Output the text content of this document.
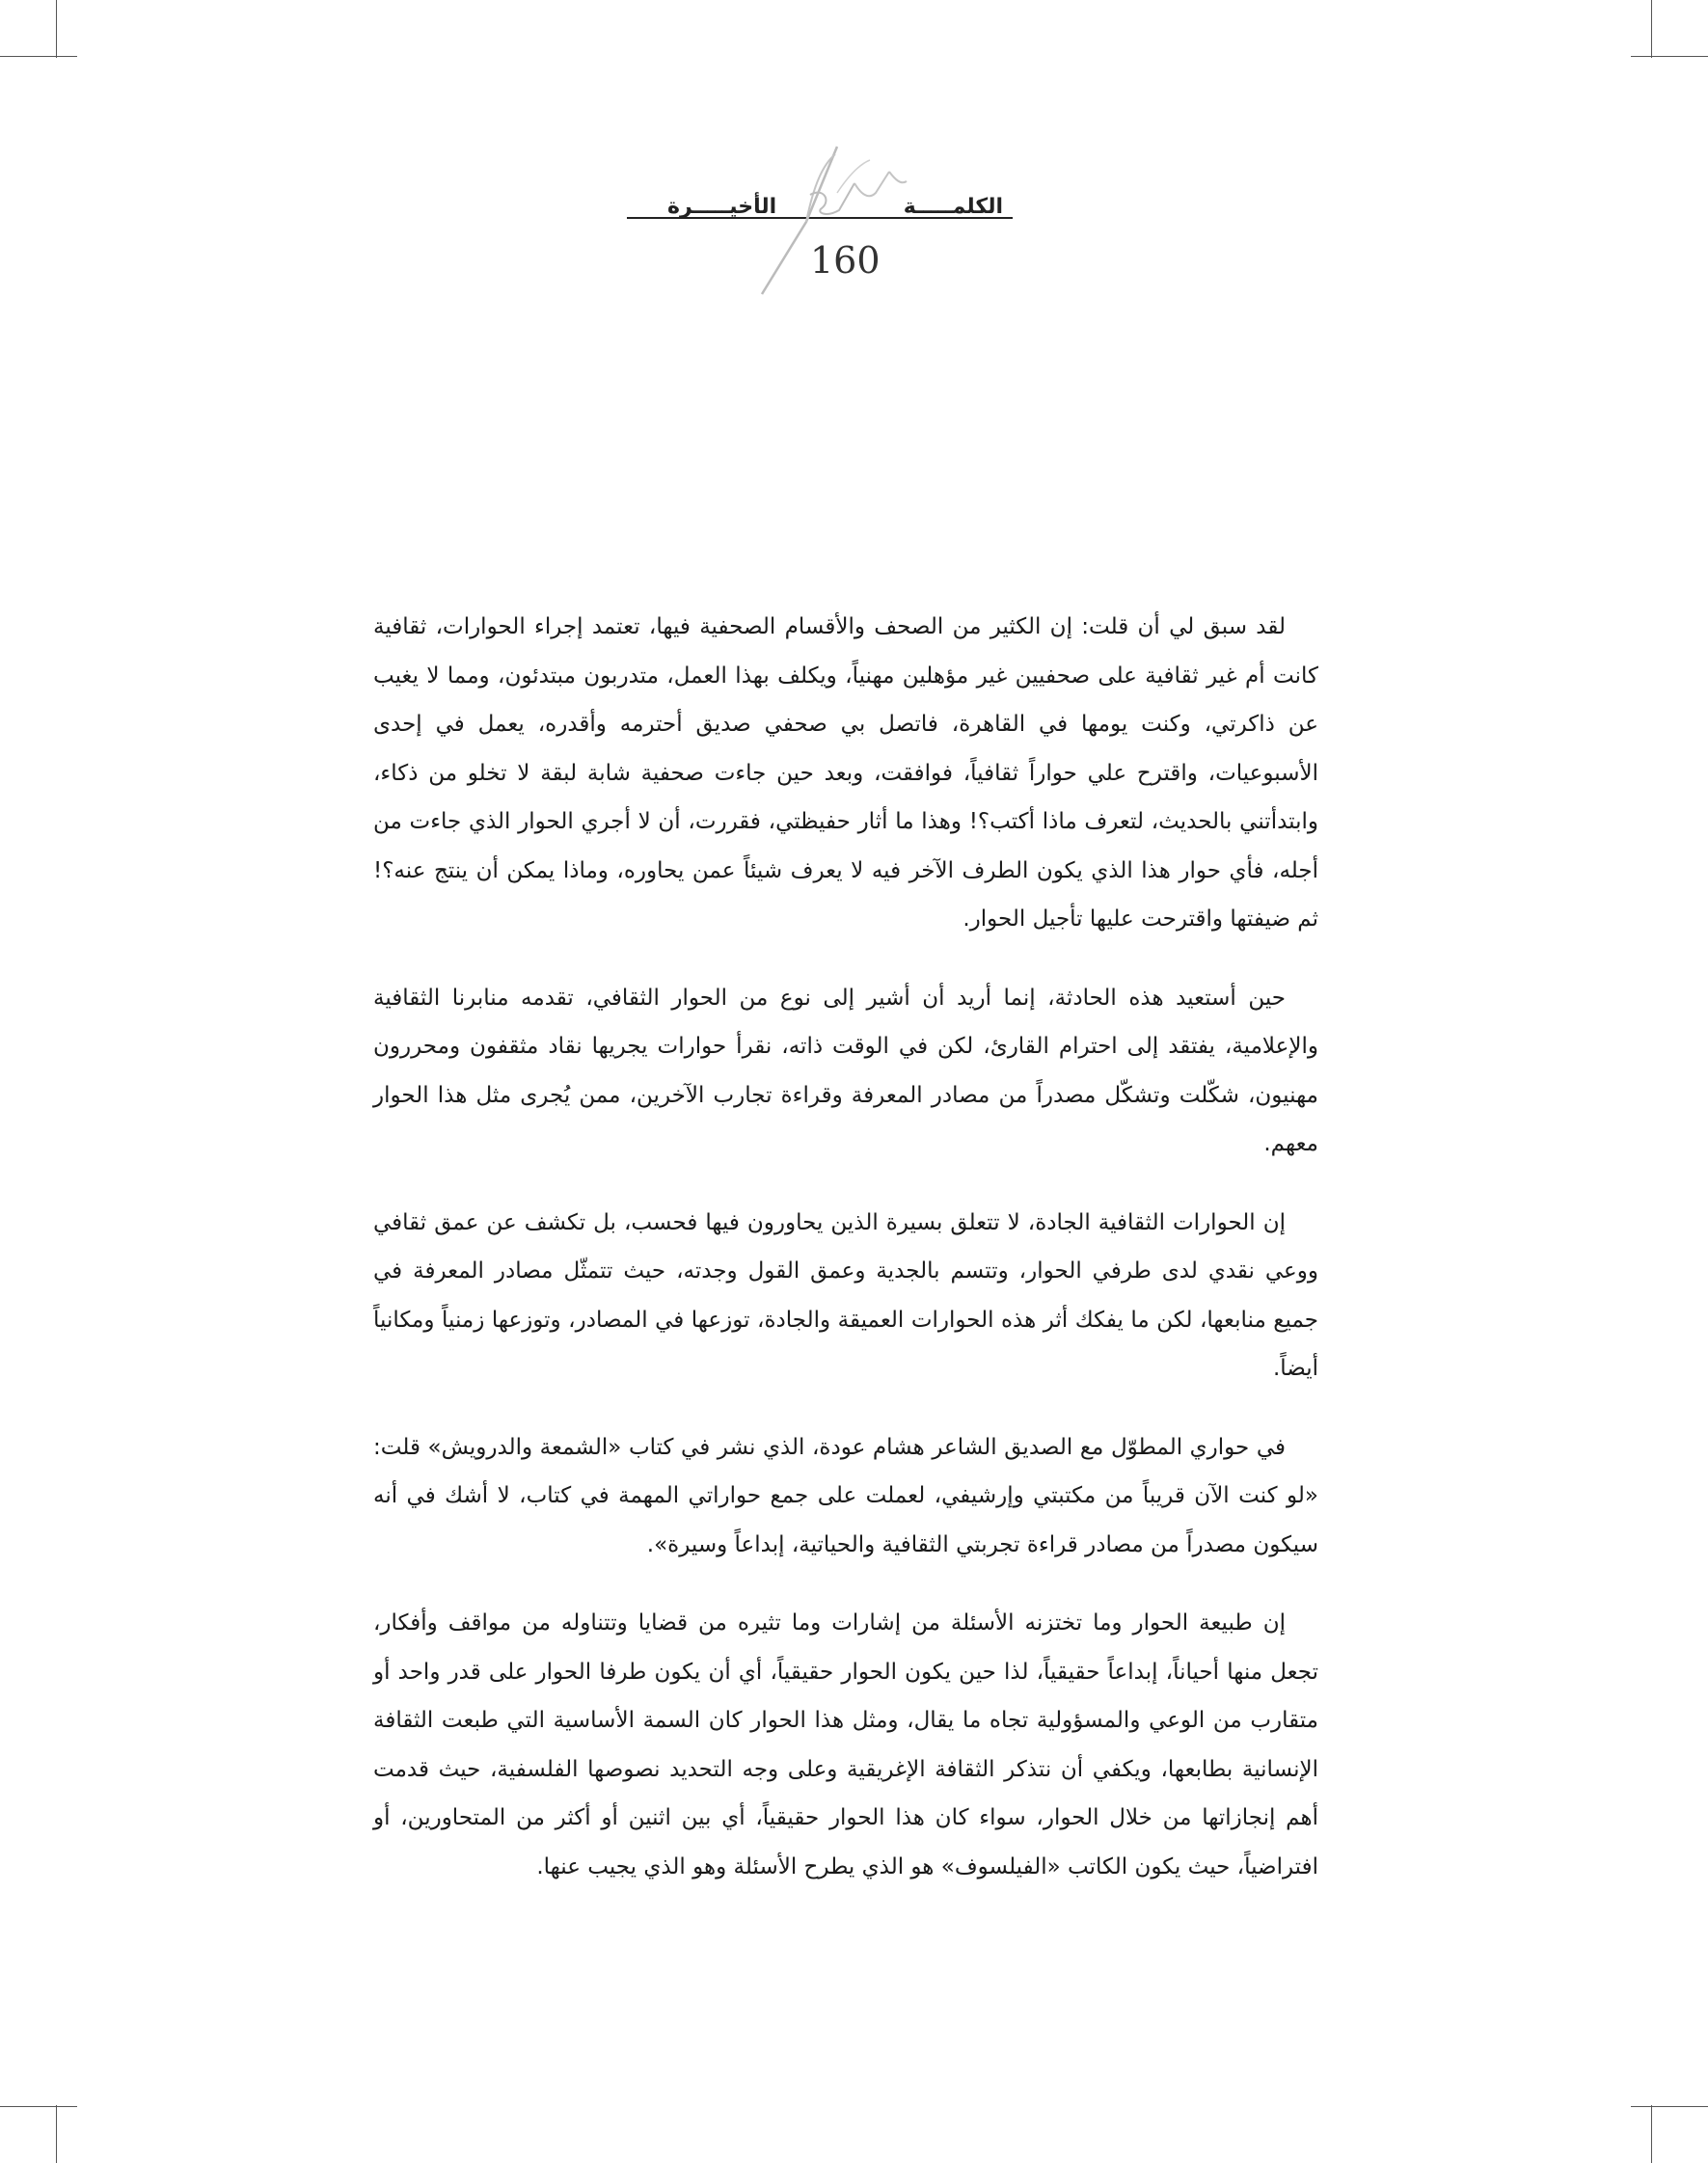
الكلمـــــة
الأخيـــــرة
160

لقد سبق لي أن قلت: إن الكثير من الصحف والأقسام الصحفية فيها، تعتمد إجراء الحوارات، ثقافية كانت أم غير ثقافية على صحفيين غير مؤهلين مهنياً، ويكلف بهذا العمل، متدربون مبتدئون، ومما لا يغيب عن ذاكرتي، وكنت يومها في القاهرة، فاتصل بي صحفي صديق أحترمه وأقدره، يعمل في إحدى الأسبوعيات، واقترح علي حواراً ثقافياً، فوافقت، وبعد حين جاءت صحفية شابة لبقة لا تخلو من ذكاء، وابتدأتني بالحديث، لتعرف ماذا أكتب؟! وهذا ما أثار حفيظتي، فقررت، أن لا أجري الحوار الذي جاءت من أجله، فأي حوار هذا الذي يكون الطرف الآخر فيه لا يعرف شيئاً عمن يحاوره، وماذا يمكن أن ينتج عنه؟! ثم ضيفتها واقترحت عليها تأجيل الحوار.

حين أستعيد هذه الحادثة، إنما أريد أن أشير إلى نوع من الحوار الثقافي، تقدمه منابرنا الثقافية والإعلامية، يفتقد إلى احترام القارئ، لكن في الوقت ذاته، نقرأ حوارات يجريها نقاد مثقفون ومحررون مهنيون، شكّلت وتشكّل مصدراً من مصادر المعرفة وقراءة تجارب الآخرين، ممن يُجرى مثل هذا الحوار معهم.

إن الحوارات الثقافية الجادة، لا تتعلق بسيرة الذين يحاورون فيها فحسب، بل تكشف عن عمق ثقافي ووعي نقدي لدى طرفي الحوار، وتتسم بالجدية وعمق القول وجدته، حيث تتمثّل مصادر المعرفة في جميع منابعها، لكن ما يفكك أثر هذه الحوارات العميقة والجادة، توزعها في المصادر، وتوزعها زمنياً ومكانياً أيضاً.

في حواري المطوّل مع الصديق الشاعر هشام عودة، الذي نشر في كتاب «الشمعة والدرويش» قلت: «لو كنت الآن قريباً من مكتبتي وإرشيفي، لعملت على جمع حواراتي المهمة في كتاب، لا أشك في أنه سيكون مصدراً من مصادر قراءة تجربتي الثقافية والحياتية، إبداعاً وسيرة».

إن طبيعة الحوار وما تختزنه الأسئلة من إشارات وما تثيره من قضايا وتتناوله من مواقف وأفكار، تجعل منها أحياناً، إبداعاً حقيقياً، لذا حين يكون الحوار حقيقياً، أي أن يكون طرفا الحوار على قدر واحد أو متقارب من الوعي والمسؤولية تجاه ما يقال، ومثل هذا الحوار كان السمة الأساسية التي طبعت الثقافة الإنسانية بطابعها، ويكفي أن نتذكر الثقافة الإغريقية وعلى وجه التحديد نصوصها الفلسفية، حيث قدمت أهم إنجازاتها من خلال الحوار، سواء كان هذا الحوار حقيقياً، أي بين اثنين أو أكثر من المتحاورين، أو افتراضياً، حيث يكون الكاتب «الفيلسوف» هو الذي يطرح الأسئلة وهو الذي يجيب عنها.
